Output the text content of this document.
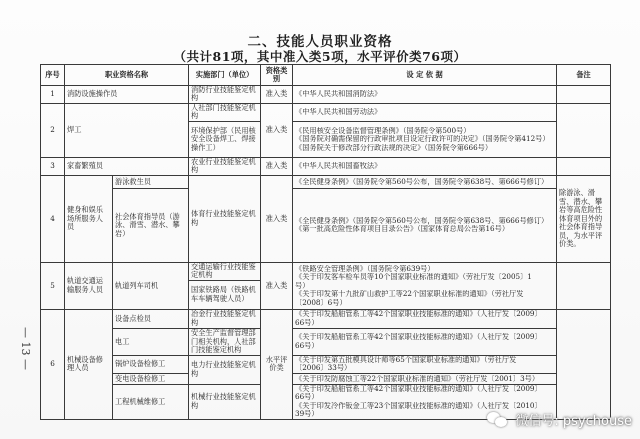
二、技能人员职业资格
（共计81项，其中准入类5项，水平评价类76项）
序号	职业资格名称		实施部门（单位）	资格类别	设 定 依 据	备注
1	消防设施操作员		消防行业技能鉴定机构	准入类	《中华人民共和国消防法》	

2	焊工		人社部门技能鉴定机构	准入类	《中华人民共和国劳动法》	

			环境保护部（民用核安全设备焊工、焊接操作工）		《民用核安全设备监督管理条例》（国务院令第500号）
《国务院对确需保留的行政审批项目设定行政许可的决定》（国务院令第412号）
《国务院关于修改部分行政法规的决定》（国务院令第666号）	

3	家畜繁殖员		农业行业技能鉴定机构	准入类	《中华人民共和国畜牧法》	

4	健身和娱乐场所服务人员	游泳救生员	体育行业技能鉴定机构	准入类	《全民健身条例》（国务院令第560号公布，国务院令第638号、第666号修订）	除游泳、滑雪、潜水、攀岩等高危险性体育项目外的社会体育指导员，为水平评价类。
		社会体育指导员（游泳、滑雪、潜水、攀岩）			《全民健身条例》（国务院令第560号公布，国务院令第638号、第666号修订）
《第一批高危险性体育项目目录公告》（国家体育总局公告第16号）	

5	轨道交通运输服务人员	轨道列车司机	交通运输行业技能鉴定机构	准入类	《铁路安全管理条例》（国务院令第639号）
《关于印发客车检车员等10个国家职业标准的通知》（劳社厅发〔2005〕1
号）
《关于印发第十九批矿山救护工等22个国家职业标准的通知》（劳社厅发
〔2008〕6号）	

			国家铁路局（铁路机车车辆驾驶人员）			
6	机械设备修理人员	设备点检员	冶金行业技能鉴定机构	水平评价类	《关于印发船舶管系工等42个国家职业技能标准的通知》（人社厅发〔2009〕
66号）	

		电工	安全生产监督管理部门相关机构，人社部门技能鉴定机构		《关于印发船舶管系工等42个国家职业技能标准的通知》（人社厅发〔2009〕
66号）	

		锅炉设备检修工	电力行业技能鉴定机构		《关于印发第五批模具设计师等65个国家职业标准的通知》（劳社厅发
〔2006〕33号）	

		变电设备检修工			《关于印发防腐蚀工等22个国家职业标准的通知》（劳社厅发〔2001〕3号）	

		工程机械维修工	机械行业技能鉴定机构		《关于印发船舶管系工等42个国家职业技能标准的通知》（人社厅发〔2009〕
66号）
《关于印发冷作钣金工等23个国家职业技能标准的通知》（人社厅发〔2010〕
39号）	
— 13 —
微信号: psychouse
